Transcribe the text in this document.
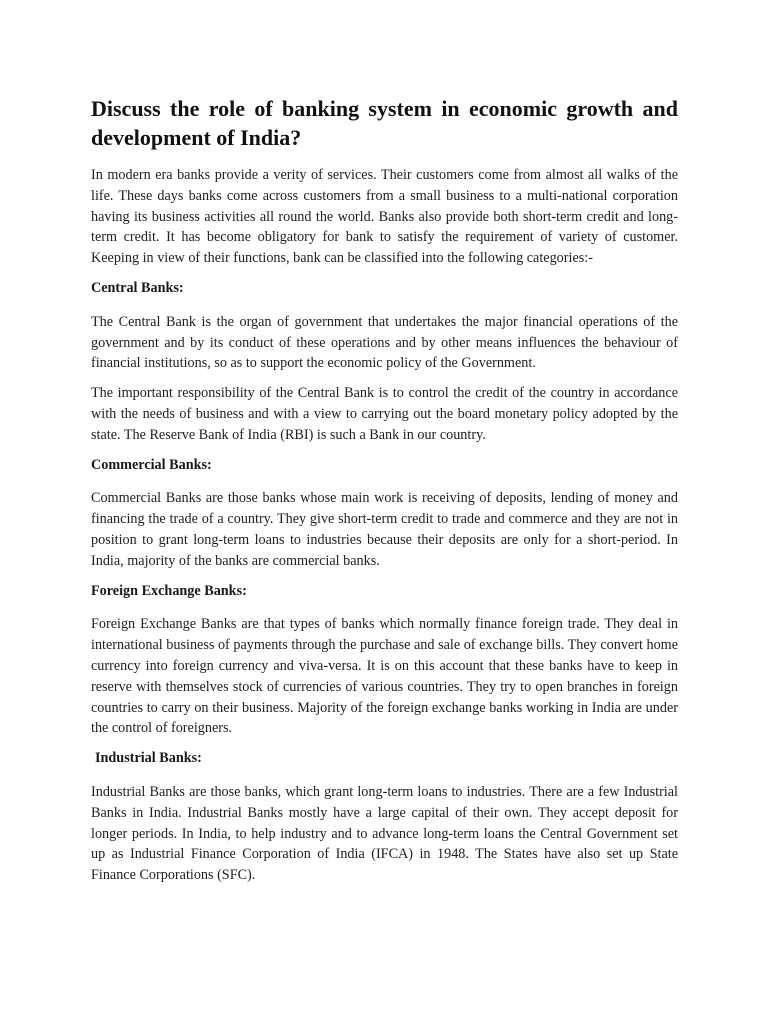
Discuss the role of banking system in economic growth and development of India?

In modern era banks provide a verity of services. Their customers come from almost all walks of the life. These days banks come across customers from a small business to a multi-national corporation having its business activities all round the world. Banks also provide both short-term credit and long-term credit. It has become obligatory for bank to satisfy the requirement of variety of customer. Keeping in view of their functions, bank can be classified into the following categories:-

Central Banks:

The Central Bank is the organ of government that undertakes the major financial operations of the government and by its conduct of these operations and by other means influences the behaviour of financial institutions, so as to support the economic policy of the Government.

The important responsibility of the Central Bank is to control the credit of the country in accordance with the needs of business and with a view to carrying out the board monetary policy adopted by the state. The Reserve Bank of India (RBI) is such a Bank in our country.

Commercial Banks:

Commercial Banks are those banks whose main work is receiving of deposits, lending of money and financing the trade of a country. They give short-term credit to trade and commerce and they are not in position to grant long-term loans to industries because their deposits are only for a short-period. In India, majority of the banks are commercial banks.

Foreign Exchange Banks:

Foreign Exchange Banks are that types of banks which normally finance foreign trade. They deal in international business of payments through the purchase and sale of exchange bills. They convert home currency into foreign currency and viva-versa. It is on this account that these banks have to keep in reserve with themselves stock of currencies of various countries. They try to open branches in foreign countries to carry on their business. Majority of the foreign exchange banks working in India are under the control of foreigners.

Industrial Banks:

Industrial Banks are those banks, which grant long-term loans to industries. There are a few Industrial Banks in India. Industrial Banks mostly have a large capital of their own. They accept deposit for longer periods. In India, to help industry and to advance long-term loans the Central Government set up as Industrial Finance Corporation of India (IFCA) in 1948. The States have also set up State Finance Corporations (SFC).
